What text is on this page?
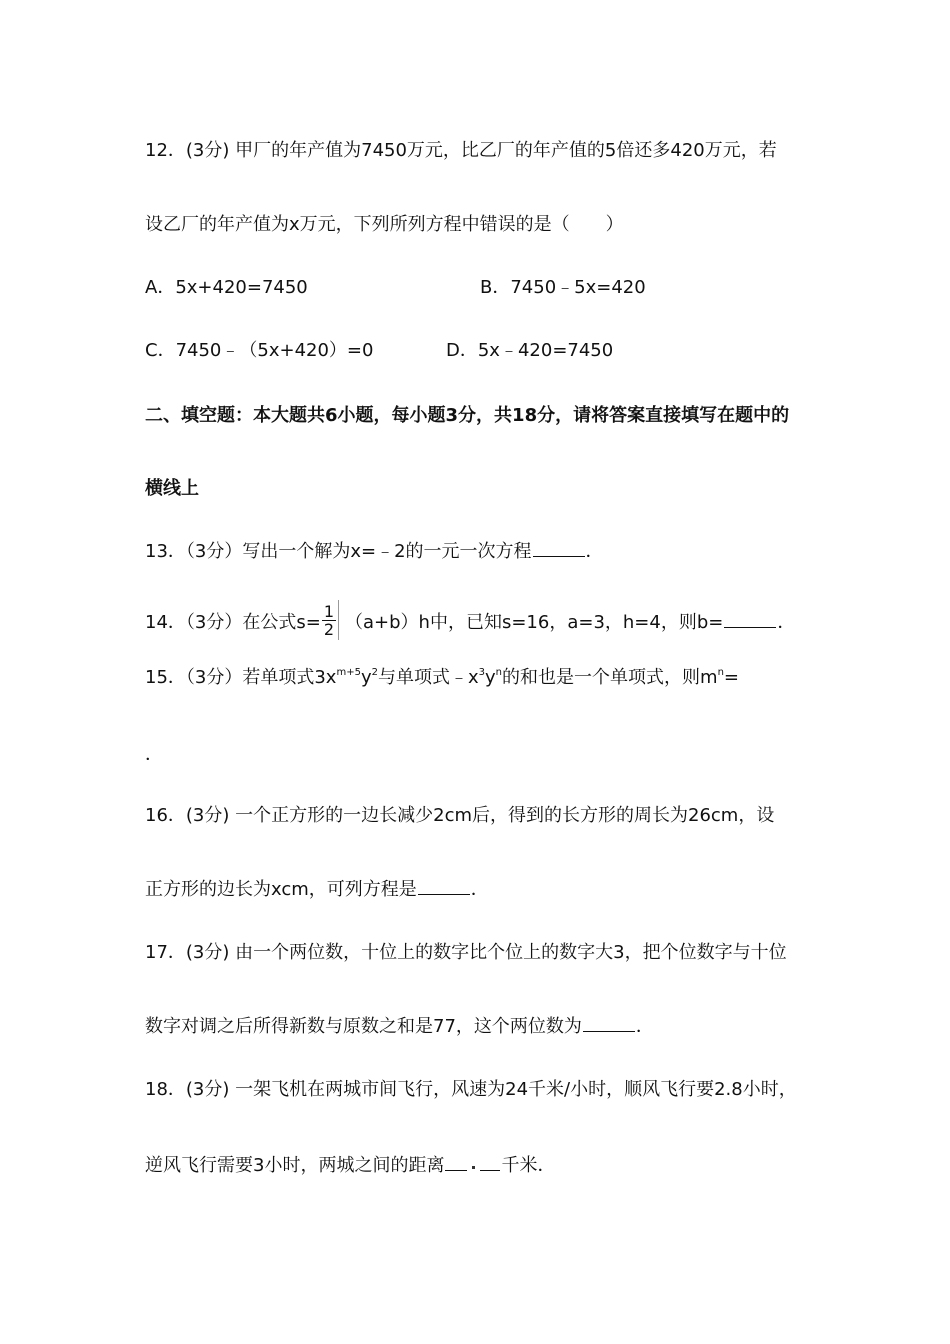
12．(3分) 甲厂的年产值为7450万元，比乙厂的年产值的5倍还多420万元，若
设乙厂的年产值为x万元，下列所列方程中错误的是（　　）
A．5x+420=7450	B．7450﹣5x=420
C．7450﹣（5x+420）=0	D．5x﹣420=7450
二、填空题：本大题共6小题，每小题3分，共18分，请将答案直接填写在题中的
横线上
13．（3分）写出一个解为x=﹣2的一元一次方程	．
14．（3分）在公式$s= \frac{1}{2} (a+b)h$中，已知s=16，a=3，h=4，则b=	．
15．（3分）若单项式$3x^{m+5}y^2$与单项式$﹣x^3y^n$的和也是一个单项式，则$m^n=$
．
16．(3分) 一个正方形的一边长减少2cm后，得到的长方形的周长为26cm，设
正方形的边长为xcm，可列方程是	．
17．(3分) 由一个两位数，十位上的数字比个位上的数字大3，把个位数字与十位
数字对调之后所得新数与原数之和是77，这个两位数为	．
18．(3分) 一架飞机在两城市间飞行，风速为24千米/小时，顺风飞行要2.8小时，
逆风飞行需要3小时，两城之间的距离	千米．
